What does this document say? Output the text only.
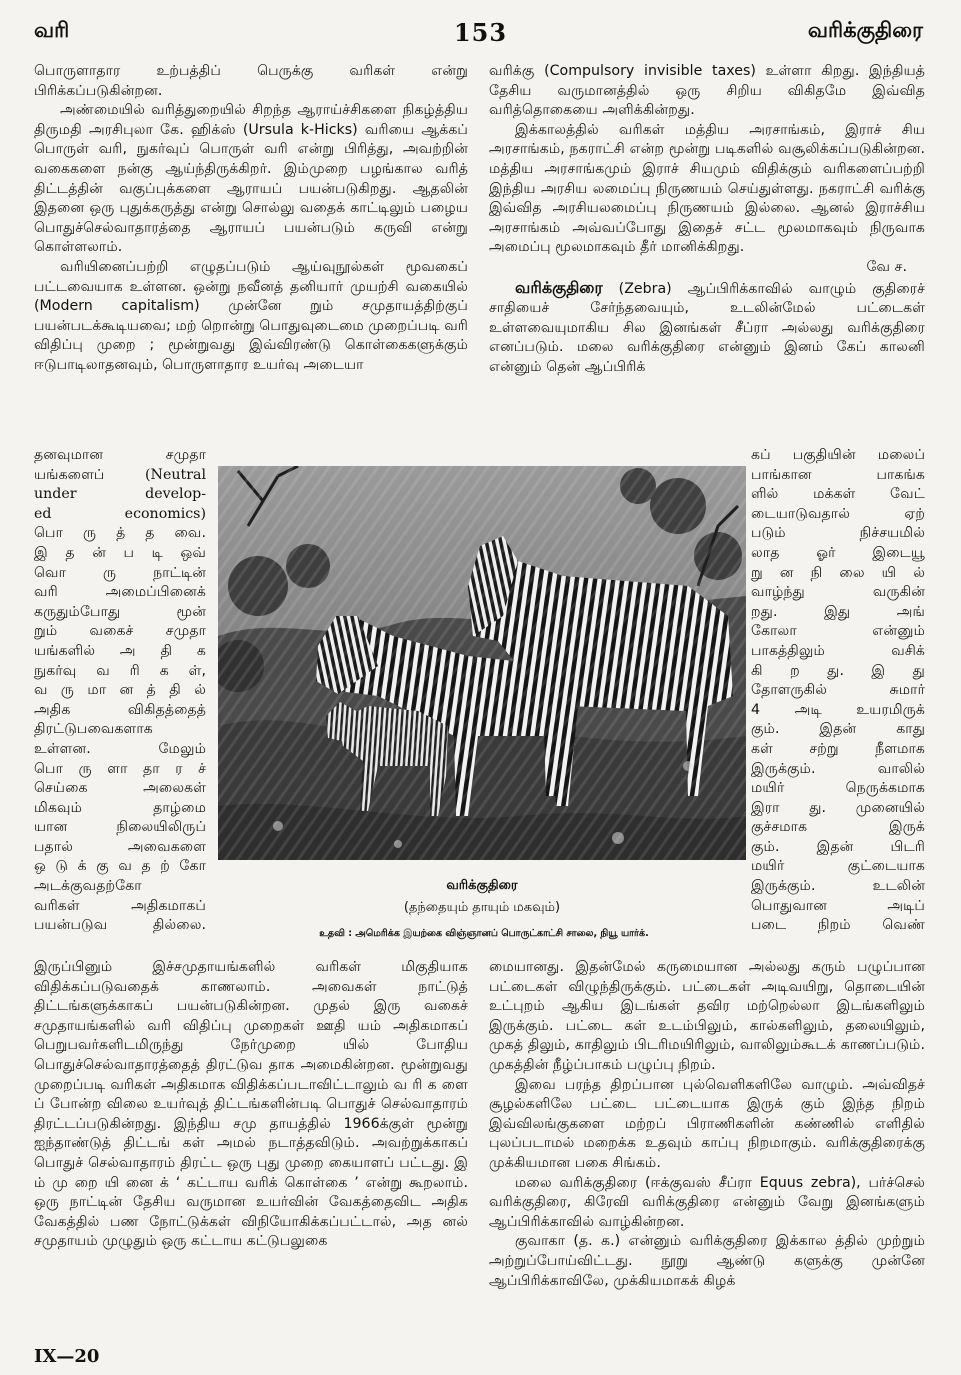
வரி	153	வரிக்குதிரை

பொருளாதார உற்பத்திப் பெருக்கு வரிகள் என்று பிரிக்கப்படுகின்றன.

அண்மையில் வரித்துறையில் சிறந்த ஆராய்ச்சிகளை நிகழ்த்திய திருமதி அரசிபுலா கே. ஹிக்ஸ் (Ursula k-Hicks) வரியை ஆக்கப் பொருள் வரி, நுகர்வுப் பொருள் வரி என்று பிரித்து, அவற்றின் வகைகளை நன்கு ஆய்ந்திருக்கிறர். இம்முறை பழங்கால வரித் திட்டத்தின் வகுப்புக்களை ஆராயப் பயன்படுகிறது. ஆதலின் இதனை ஒரு புதுக்கருத்து என்று சொல்லு வதைக் காட்டிலும் பழைய பொதுச்செல்வாதாரத்தை ஆராயப் பயன்படும் கருவி என்று கொள்ளலாம்.

வரியினைப்பற்றி எழுதப்படும் ஆய்வுநூல்கள் மூவகைப் பட்டவையாக உள்ளன. ஒன்று நவீனத் தனியார் முயற்சி வகையில் (Modern capitalism) முன்னே றும் சமுதாயத்திற்குப் பயன்படக்கூடியவை; மற் றொன்று பொதுவுடைமை முறைப்படி வரி விதிப்பு முறை ; மூன்றுவது இவ்விரண்டு கொள்கைகளுக்கும் ஈடுபாடிலாதனவும், பொருளாதார உயர்வு அடையா

வரிக்கு (Compulsory invisible taxes) உள்ளா கிறது. இந்தியத் தேசிய வருமானத்தில் ஒரு சிறிய விகிதமே இவ்வித வரித்தொகையை அளிக்கின்றது.

இக்காலத்தில் வரிகள் மத்திய அரசாங்கம், இராச் சிய அரசாங்கம், நகராட்சி என்ற மூன்று படிகளில் வசூலிக்கப்படுகின்றன. மத்திய அரசாங்கமும் இராச் சியமும் விதிக்கும் வரிகளைப்பற்றி இந்திய அரசிய லமைப்பு நிருணயம் செய்துள்ளது. நகராட்சி வரிக்கு இவ்வித அரசியலமைப்பு நிருணயம் இல்லை. ஆனல் இராச்சிய அரசாங்கம் அவ்வப்போது இதைச் சட்ட மூலமாகவும் நிருவாக அமைப்பு மூலமாகவும் தீர் மானிக்கிறது.

வே ச.

வரிக்குதிரை (Zebra) ஆப்பிரிக்காவில் வாழும் குதிரைச் சாதியைச் சேர்ந்தவையும், உடலின்மேல் பட்டைகள் உள்ளவையுமாகிய சில இனங்கள் சீப்ரா அல்லது வரிக்குதிரை எனப்படும். மலை வரிக்குதிரை என்னும் இனம் கேப் காலனி என்னும் தென் ஆப்பிரிக்

தனவுமான சமுதா
யங்களைப் (Neutral
under develop-
ed economics)
பொ ரு த் த வை.
இ த ன் ப டி ஒவ்
வொ ரு நாட்டின்
வரி அமைப்பினைக்
கருதும்போது மூன்
றும் வகைச் சமுதா
யங்களில் அ தி க
நுகர்வு வ ரி க ள்,
வ ரு மா ன த் தி ல்
அதிக விகிதத்தைத்
திரட்டுபவைகளாக
உள்ளன. மேலும்
பொ ரு ளா தா ர ச்
செய்கை அலைகள்
மிகவும் தாழ்மை
யான நிலையிலிருப்
பதால் அவைகளை
ஒ டு க் கு வ த ற் கோ
அடக்குவதற்கோ
வரிகள் அதிகமாகப்
பயன்படுவ தில்லை.
கப் பகுதியின் மலைப்
பாங்கான பாகங்க
ளில் மக்கள் வேட்
டையாடுவதால் ஏற்
படும் நிச்சயமில்
லாத ஓர் இடையூ
று ன நி லை யி ல்
வாழ்ந்து வருகின்
றது. இது அங்
கோலா என்னும்
பாகத்திலும் வசிக்
கி ற து. இ து
தோளருகில் சுமார்
4 அடி உயரமிருக்
கும். இதன் காது
கள் சற்று நீளமாக
இருக்கும். வாலில்
மயிர் நெருக்கமாக
இரா து. முனையில்
குச்சமாக இருக்
கும். இதன் பிடரி
மயிர் குட்டையாக
இருக்கும். உடலின்
பொதுவான அடிப்
படை நிறம் வெண்
வரிக்குதிரை
(தந்தையும் தாயும் மகவும்)
உதவி : அமெரிக்க இயற்கை விஞ்ஞானப் பொருட்காட்சி சாலை, நியூ யார்க்.

இருப்பினும் இச்சமுதாயங்களில் வரிகள் மிகுதியாக விதிக்கப்படுவதைக் காணலாம். அவைகள் நாட்டுத் திட்டங்களுக்காகப் பயன்படுகின்றன. முதல் இரு வகைச் சமுதாயங்களில் வரி விதிப்பு முறைகள் ஊதி யம் அதிகமாகப் பெறுபவர்களிடமிருந்து நேர்முறை யில் போதிய பொதுச்செல்வாதாரத்தைத் திரட்டுவ தாக அமைகின்றன. மூன்றுவது முறைப்படி வரிகள் அதிகமாக விதிக்கப்படாவிட்டாலும் வ ரி க ளை ப் போன்ற விலை உயர்வுத் திட்டங்களின்படி பொதுச் செல்வாதாரம் திரட்டப்படுகின்றது. இந்திய சமு தாயத்தில் 1966க்குள் மூன்று ஐந்தாண்டுத் திட்டங் கள் அமல் நடாத்தவிடும். அவற்றுக்காகப் பொதுச் செல்வாதாரம் திரட்ட ஒரு புது முறை கையாளப் பட்டது. இ ம் மு றை யி னை க் ‘ கட்டாய வரிக் கொள்கை ’ என்று கூறலாம். ஒரு நாட்டின் தேசிய வருமான உயர்வின் வேகத்தைவிட அதிக வேகத்தில் பண நோட்டுக்கள் விநியோகிக்கப்பட்டால், அத னல் சமுதாயம் முழுதும் ஒரு கட்டாய கட்டுபலுகை

மையானது. இதன்மேல் கருமையான அல்லது கரும் பழுப்பான பட்டைகள் விழுந்திருக்கும். பட்டைகள் அடிவயிறு, தொடையின் உட்புறம் ஆகிய இடங்கள் தவிர மற்றெல்லா இடங்களிலும் இருக்கும். பட்டை கள் உடம்பிலும், கால்களிலும், தலையிலும், முகத் திலும், காதிலும் பிடரிமயிரிலும், வாலிலும்கூடக் காணப்படும். முகத்தின் நீழ்ப்பாகம் பழுப்பு நிறம்.

இவை பரந்த திறப்பான புல்வெளிகளிலே வாழும். அவ்விதச் சூழல்களிலே பட்டை பட்டையாக இருக் கும் இந்த நிறம் இவ்விலங்குகளை மற்றப் பிராணிகளின் கண்ணில் எளிதில் புலப்படாமல் மறைக்க உதவும் காப்பு நிறமாகும். வரிக்குதிரைக்கு முக்கியமான பகை சிங்கம்.

மலை வரிக்குதிரை (ஈக்குவஸ் சீப்ரா Equus zebra), பர்ச்செல் வரிக்குதிரை, கிரேவி வரிக்குதிரை என்னும் வேறு இனங்களும் ஆப்பிரிக்காவில் வாழ்கின்றன.

குவாகா (த. க.) என்னும் வரிக்குதிரை இக்கால த்தில் முற்றும் அற்றுப்போய்விட்டது. நூறு ஆண்டு களுக்கு முன்னே ஆப்பிரிக்காவிலே, முக்கியமாகக் கிழக்

IX—20
